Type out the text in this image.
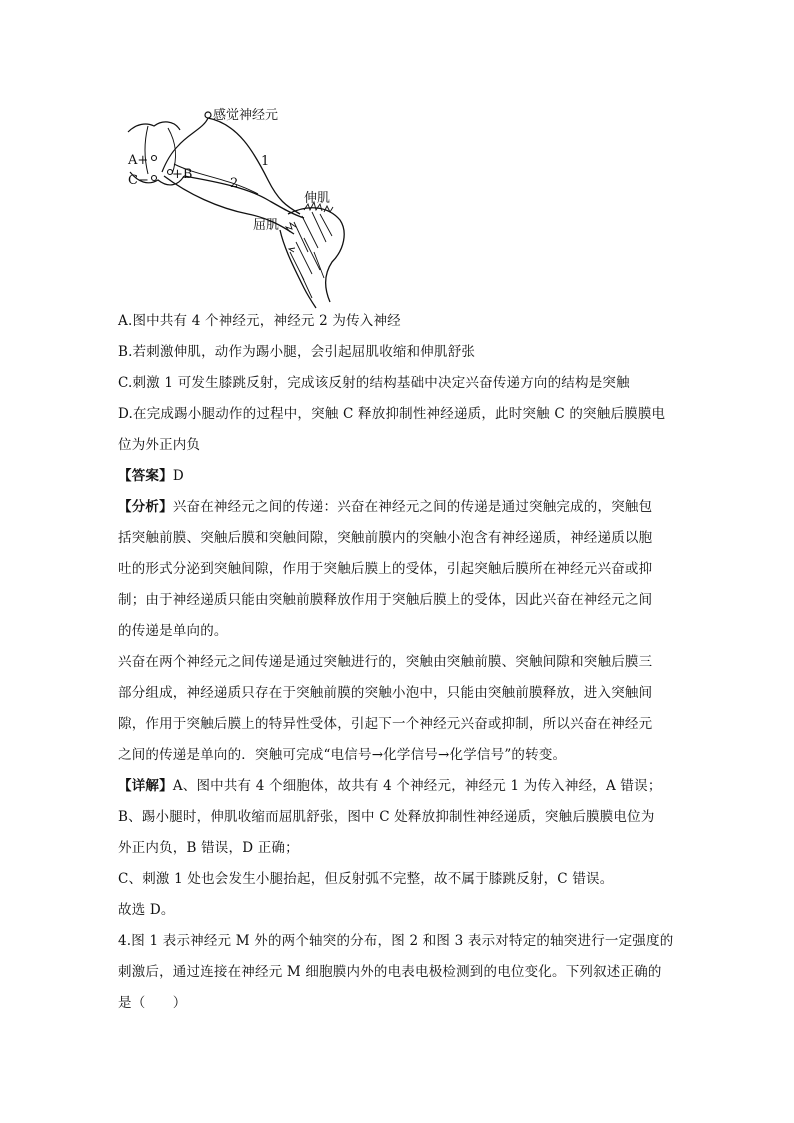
感觉神经元
1
2
A+
C− +B
伸肌
屈肌

A.图中共有 4 个神经元，神经元 2 为传入神经

B.若刺激伸肌，动作为踢小腿，会引起屈肌收缩和伸肌舒张

C.刺激 1 可发生膝跳反射，完成该反射的结构基础中决定兴奋传递方向的结构是突触

D.在完成踢小腿动作的过程中，突触 C 释放抑制性神经递质，此时突触 C 的突触后膜膜电

位为外正内负

【答案】D

【分析】兴奋在神经元之间的传递：兴奋在神经元之间的传递是通过突触完成的，突触包

括突触前膜、突触后膜和突触间隙，突触前膜内的突触小泡含有神经递质，神经递质以胞

吐的形式分泌到突触间隙，作用于突触后膜上的受体，引起突触后膜所在神经元兴奋或抑

制；由于神经递质只能由突触前膜释放作用于突触后膜上的受体，因此兴奋在神经元之间

的传递是单向的。

兴奋在两个神经元之间传递是通过突触进行的，突触由突触前膜、突触间隙和突触后膜三

部分组成，神经递质只存在于突触前膜的突触小泡中，只能由突触前膜释放，进入突触间

隙，作用于突触后膜上的特异性受体，引起下一个神经元兴奋或抑制，所以兴奋在神经元

之间的传递是单向的．突触可完成“电信号→化学信号→化学信号”的转变。

【详解】A、图中共有 4 个细胞体，故共有 4 个神经元，神经元 1 为传入神经，A 错误；

B、踢小腿时，伸肌收缩而屈肌舒张，图中 C 处释放抑制性神经递质，突触后膜膜电位为

外正内负，B 错误，D 正确；

C、刺激 1 处也会发生小腿抬起，但反射弧不完整，故不属于膝跳反射，C 错误。

故选 D。

4.图 1 表示神经元 M 外的两个轴突的分布，图 2 和图 3 表示对特定的轴突进行一定强度的

刺激后，通过连接在神经元 M 细胞膜内外的电表电极检测到的电位变化。下列叙述正确的

是（　　）
